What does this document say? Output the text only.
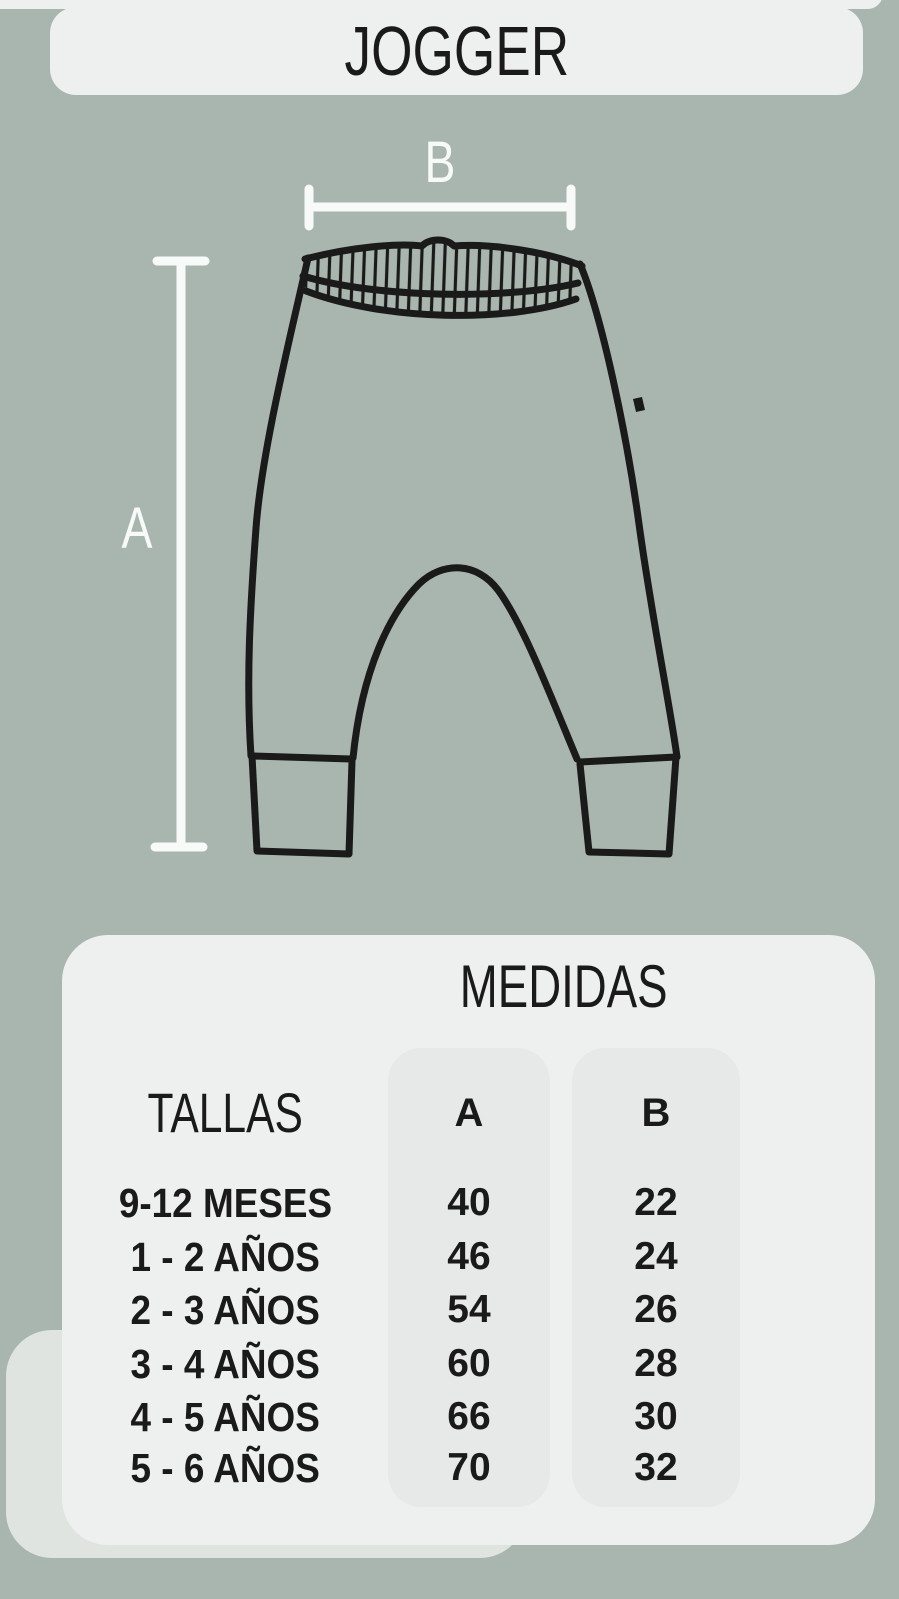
JOGGER
B
A
MEDIDAS
TALLAS	A	B
9-12 MESES	40	22
1 - 2 AÑOS	46	24
2 - 3 AÑOS	54	26
3 - 4 AÑOS	60	28
4 - 5 AÑOS	66	30
5 - 6 AÑOS	70	32
